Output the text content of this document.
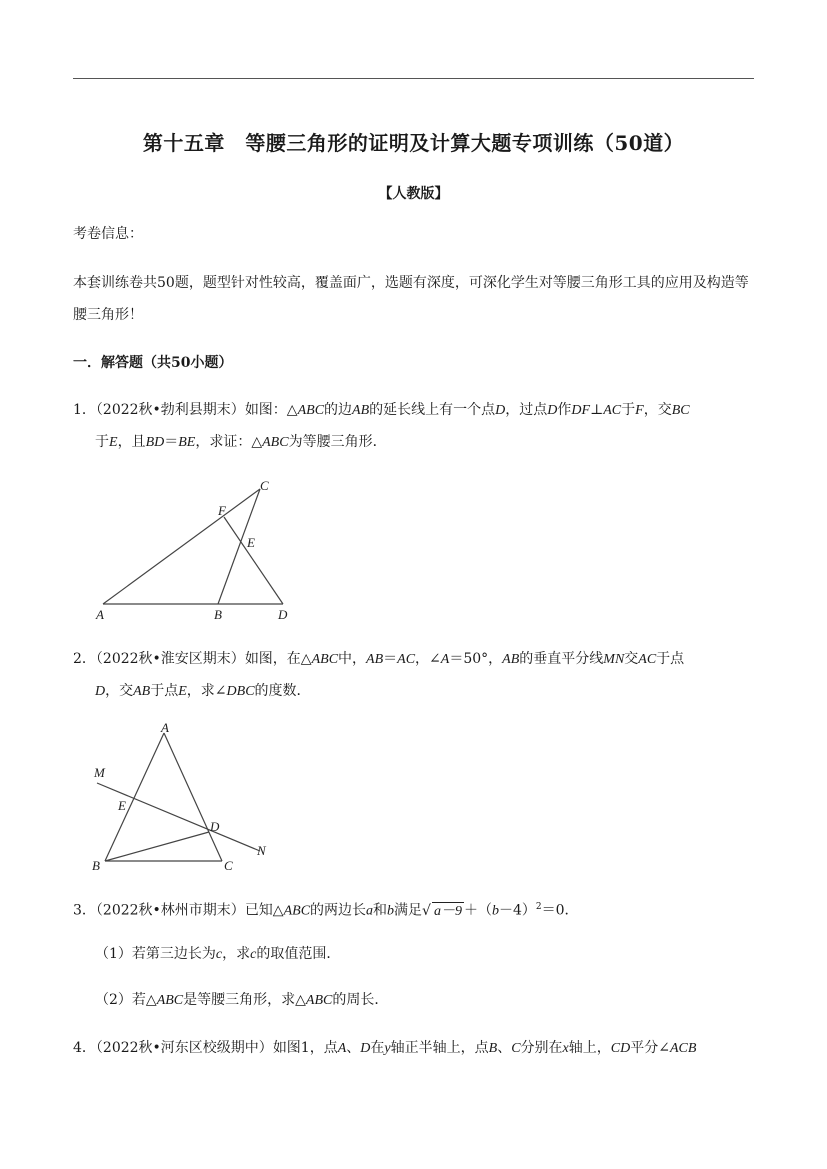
第十五章　等腰三角形的证明及计算大题专项训练（50道）
【人教版】
考卷信息：
本套训练卷共50题，题型针对性较高，覆盖面广，选题有深度，可深化学生对等腰三角形工具的应用及构造等
腰三角形！
一．解答题（共50小题）
1．（2022秋•勃利县期末）如图：△ABC的边AB的延长线上有一个点D，过点D作DF⊥AC于F，交BC
于E，且BD＝BE，求证：△ABC为等腰三角形．
A	B	D
C
F
E
2．（2022秋•淮安区期末）如图，在△ABC中，AB＝AC，∠A＝50°，AB的垂直平分线MN交AC于点
D，交AB于点E，求∠DBC的度数．
A
M
E
D
N
B	C
3．（2022秋•林州市期末）已知△ABC的两边长a和b满足√ $a-9 +(b-4)^2=0$．
（1）若第三边长为c，求c的取值范围．
（2）若△ABC是等腰三角形，求△ABC的周长．
4．（2022秋•河东区校级期中）如图1，点A、D在y轴正半轴上，点B、C分别在x轴上，CD平分∠ACB
